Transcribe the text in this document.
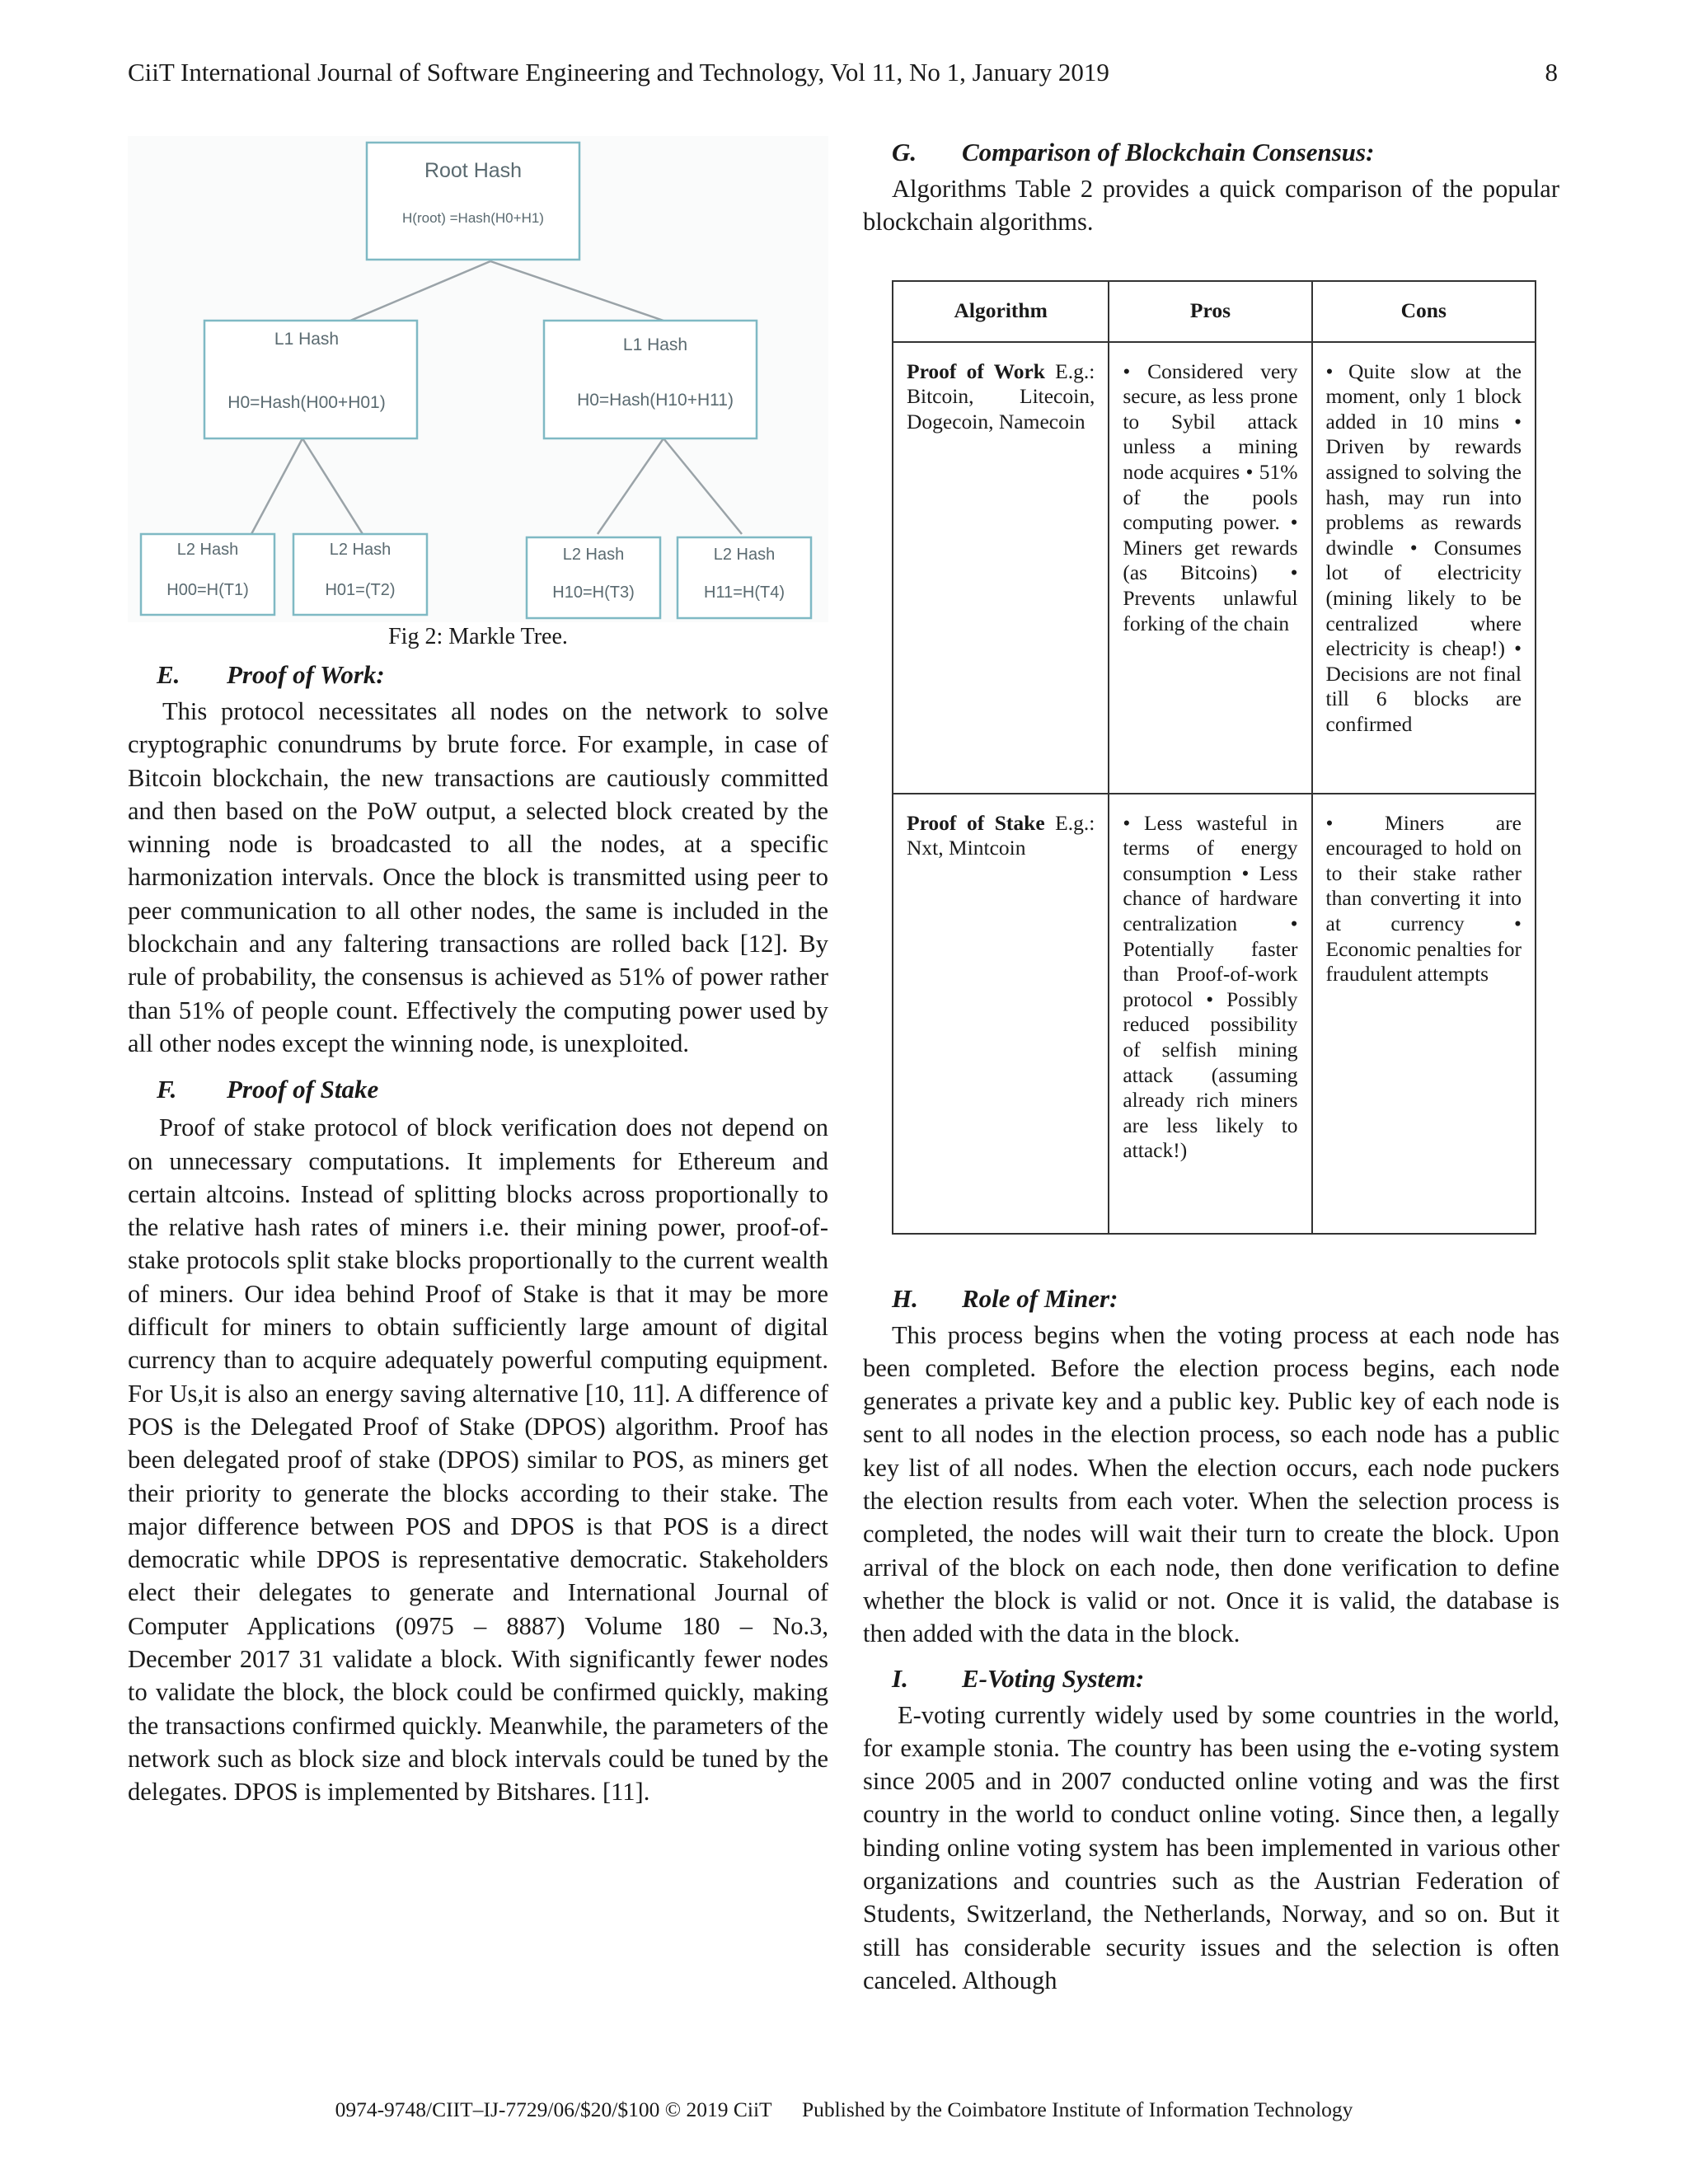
CiiT International Journal of Software Engineering and Technology, Vol 11, No 1, January 2019	8
Root Hash
H(root) =Hash(H0+H1)
L1 Hash
H0=Hash(H00+H01)
L1 Hash
H0=Hash(H10+H11)
L2 Hash
H00=H(T1)
L2 Hash
H01=(T2)
L2 Hash
H10=H(T3)
L2 Hash
H11=H(T4)
Fig 2: Markle Tree.
E. Proof of Work:

This protocol necessitates all nodes on the network to solve cryptographic conundrums by brute force. For example, in case of Bitcoin blockchain, the new transactions are cautiously committed and then based on the PoW output, a selected block created by the winning node is broadcasted to all the nodes, at a specific harmonization intervals. Once the block is transmitted using peer to peer communication to all other nodes, the same is included in the blockchain and any faltering transactions are rolled back [12]. By rule of probability, the consensus is achieved as 51% of power rather than 51% of people count. Effectively the computing power used by all other nodes except the winning node, is unexploited.

F. Proof of Stake

Proof of stake protocol of block verification does not depend on on unnecessary computations. It implements for Ethereum and certain altcoins. Instead of splitting blocks across proportionally to the relative hash rates of miners i.e. their mining power, proof-of-stake protocols split stake blocks proportionally to the current wealth of miners. Our idea behind Proof of Stake is that it may be more difficult for miners to obtain sufficiently large amount of digital currency than to acquire adequately powerful computing equipment. For Us,it is also an energy saving alternative [10, 11]. A difference of POS is the Delegated Proof of Stake (DPOS) algorithm. Proof has been delegated proof of stake (DPOS) similar to POS, as miners get their priority to generate the blocks according to their stake. The major difference between POS and DPOS is that POS is a direct democratic while DPOS is representative democratic. Stakeholders elect their delegates to generate and International Journal of Computer Applications (0975 – 8887) Volume 180 – No.3, December 2017 31 validate a block. With significantly fewer nodes to validate the block, the block could be confirmed quickly, making the transactions confirmed quickly. Meanwhile, the parameters of the network such as block size and block intervals could be tuned by the delegates. DPOS is implemented by Bitshares. [11].

G. Comparison of Blockchain Consensus:

Algorithms Table 2 provides a quick comparison of the popular blockchain algorithms.

Algorithm	Pros	Cons
Proof of Work E.g.: Bitcoin, Litecoin, Dogecoin, Namecoin	• Considered very secure, as less prone to Sybil attack unless a mining node acquires • 51% of the pools computing power. • Miners get rewards (as Bitcoins) • Prevents unlawful forking of the chain	• Quite slow at the moment, only 1 block added in 10 mins • Driven by rewards assigned to solving the hash, may run into problems as rewards dwindle • Consumes lot of electricity (mining likely to be centralized where electricity is cheap!) • Decisions are not final till 6 blocks are confirmed
Proof of Stake E.g.: Nxt, Mintcoin	• Less wasteful in terms of energy consumption • Less chance of hardware centralization • Potentially faster than Proof-of-work protocol • Possibly reduced possibility of selfish mining attack (assuming already rich miners are less likely to attack!)	• Miners are encouraged to hold on to their stake rather than converting it into at currency • Economic penalties for fraudulent attempts
H. Role of Miner:

This process begins when the voting process at each node has been completed. Before the election process begins, each node generates a private key and a public key. Public key of each node is sent to all nodes in the election process, so each node has a public key list of all nodes. When the election occurs, each node puckers the election results from each voter. When the selection process is completed, the nodes will wait their turn to create the block. Upon arrival of the block on each node, then done verification to define whether the block is valid or not. Once it is valid, the database is then added with the data in the block.

I. E-Voting System:

E-voting currently widely used by some countries in the world, for example stonia. The country has been using the e-voting system since 2005 and in 2007 conducted online voting and was the first country in the world to conduct online voting. Since then, a legally binding online voting system has been implemented in various other organizations and countries such as the Austrian Federation of Students, Switzerland, the Netherlands, Norway, and so on. But it still has considerable security issues and the selection is often canceled. Although

0974-9748/CIIT–IJ-7729/06/$20/$100 © 2019 CiiT Published by the Coimbatore Institute of Information Technology
